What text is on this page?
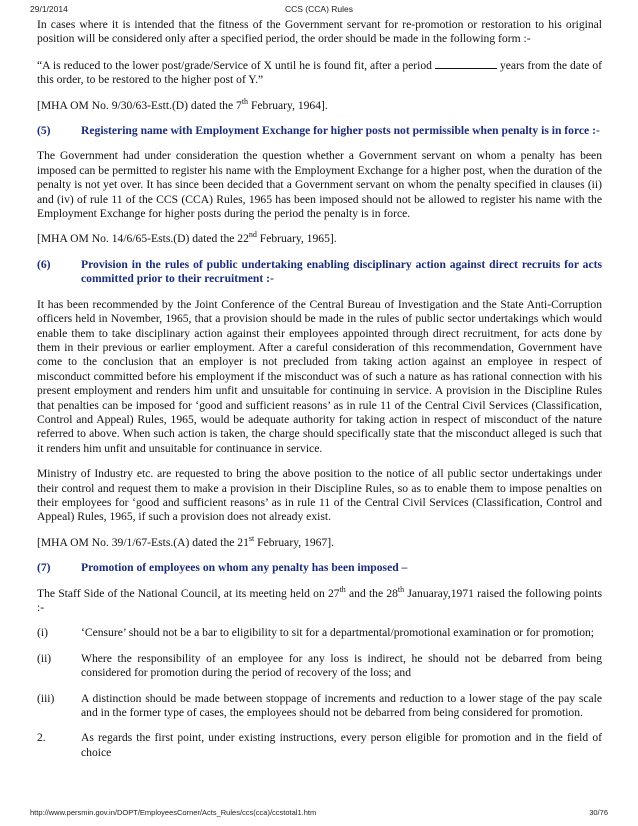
29/1/2014	CCS (CCA) Rules

In cases where it is intended that the fitness of the Government servant for re-promotion or restoration to his original position will be considered only after a specified period, the order should be made in the following form :-

“A is reduced to the lower post/grade/Service of X until he is found fit, after a period	years from the date of this order, to be restored to the higher post of Y.”

[MHA OM No. 9/30/63-Estt.(D) dated the 7th February, 1964].

(5)	Registering name with Employment Exchange for higher posts not permissible when penalty is in force :-

The Government had under consideration the question whether a Government servant on whom a penalty has been imposed can be permitted to register his name with the Employment Exchange for a higher post, when the duration of the penalty is not yet over. It has since been decided that a Government servant on whom the penalty specified in clauses (ii) and (iv) of rule 11 of the CCS (CCA) Rules, 1965 has been imposed should not be allowed to register his name with the Employment Exchange for higher posts during the period the penalty is in force.

[MHA OM No. 14/6/65-Ests.(D) dated the 22nd February, 1965].

(6)	Provision in the rules of public undertaking enabling disciplinary action against direct recruits for acts committed prior to their recruitment :-

It has been recommended by the Joint Conference of the Central Bureau of Investigation and the State Anti-Corruption officers held in November, 1965, that a provision should be made in the rules of public sector undertakings which would enable them to take disciplinary action against their employees appointed through direct recruitment, for acts done by them in their previous or earlier employment. After a careful consideration of this recommendation, Government have come to the conclusion that an employer is not precluded from taking action against an employee in respect of misconduct committed before his employment if the misconduct was of such a nature as has rational connection with his present employment and renders him unfit and unsuitable for continuing in service. A provision in the Discipline Rules that penalties can be imposed for ‘good and sufficient reasons’ as in rule 11 of the Central Civil Services (Classification, Control and Appeal) Rules, 1965, would be adequate authority for taking action in respect of misconduct of the nature referred to above. When such action is taken, the charge should specifically state that the misconduct alleged is such that it renders him unfit and unsuitable for continuance in service.

Ministry of Industry etc. are requested to bring the above position to the notice of all public sector undertakings under their control and request them to make a provision in their Discipline Rules, so as to enable them to impose penalties on their employees for ‘good and sufficient reasons’ as in rule 11 of the Central Civil Services (Classification, Control and Appeal) Rules, 1965, if such a provision does not already exist.

[MHA OM No. 39/1/67-Ests.(A) dated the 21st February, 1967].

(7)	Promotion of employees on whom any penalty has been imposed –

The Staff Side of the National Council, at its meeting held on 27th and the 28th Januaray,1971 raised the following points :-

(i)	‘Censure’ should not be a bar to eligibility to sit for a departmental/promotional examination or for promotion;
(ii)	Where the responsibility of an employee for any loss is indirect, he should not be debarred from being considered for promotion during the period of recovery of the loss; and
(iii)	A distinction should be made between stoppage of increments and reduction to a lower stage of the pay scale and in the former type of cases, the employees should not be debarred from being considered for promotion.
2.	As regards the first point, under existing instructions, every person eligible for promotion and in the field of choice
http://www.persmin.gov.in/DOPT/EmployeesCorner/Acts_Rules/ccs(cca)/ccstotal1.htm	30/76
